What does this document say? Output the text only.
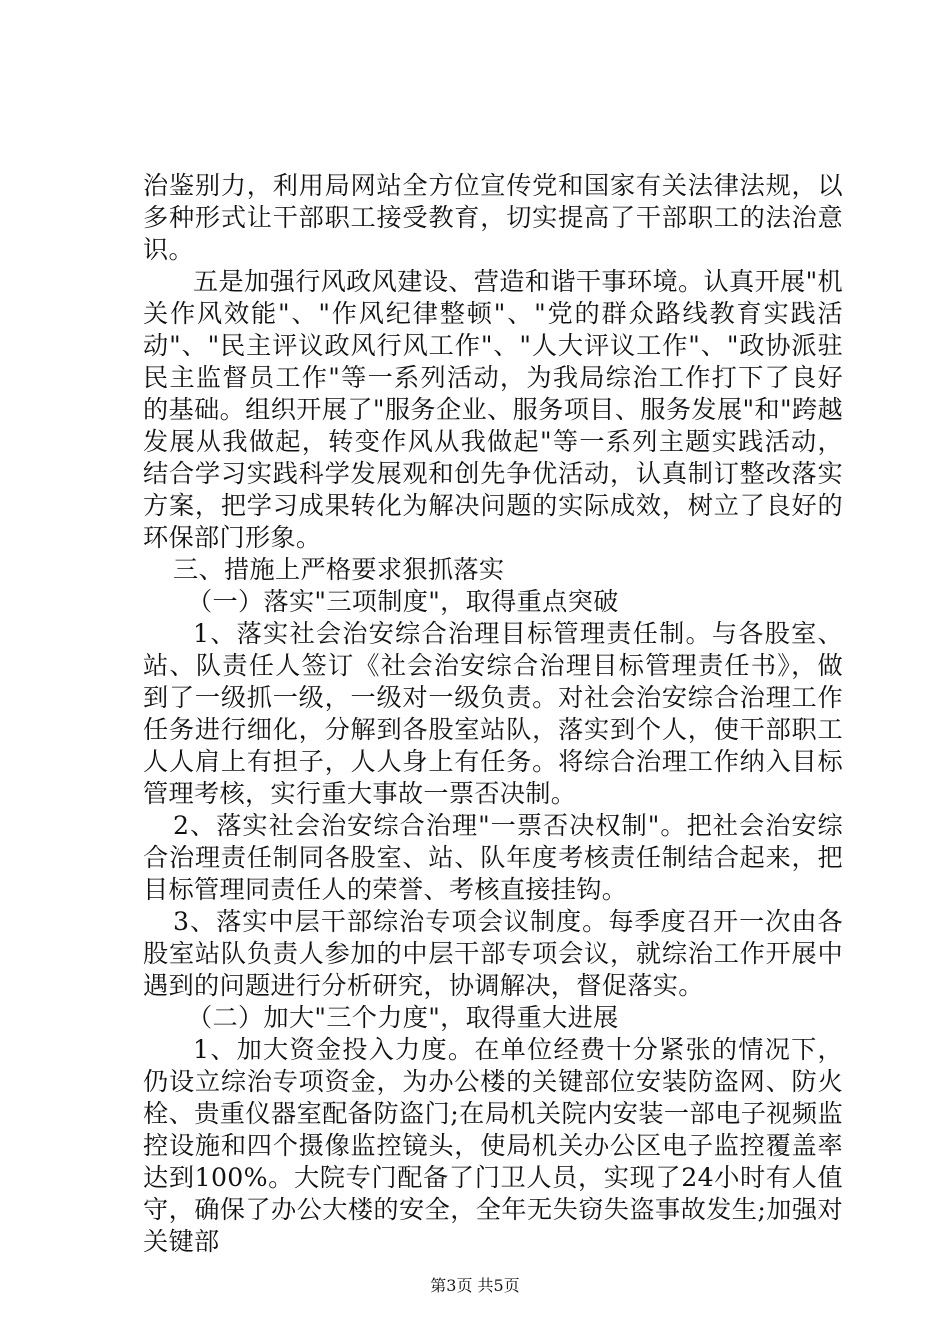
治鉴别力，利用局网站全方位宣传党和国家有关法律法规，以多种形式让干部职工接受教育，切实提高了干部职工的法治意识。

五是加强行风政风建设、营造和谐干事环境。认真开展"机关作风效能"、"作风纪律整顿"、"党的群众路线教育实践活动"、"民主评议政风行风工作"、"人大评议工作"、"政协派驻民主监督员工作"等一系列活动，为我局综治工作打下了良好的基础。组织开展了"服务企业、服务项目、服务发展"和"跨越发展从我做起，转变作风从我做起"等一系列主题实践活动，结合学习实践科学发展观和创先争优活动，认真制订整改落实方案，把学习成果转化为解决问题的实际成效，树立了良好的环保部门形象。

三、措施上严格要求狠抓落实

（一）落实"三项制度"，取得重点突破

1、落实社会治安综合治理目标管理责任制。与各股室、站、队责任人签订《社会治安综合治理目标管理责任书》，做到了一级抓一级，一级对一级负责。对社会治安综合治理工作任务进行细化，分解到各股室站队，落实到个人，使干部职工人人肩上有担子，人人身上有任务。将综合治理工作纳入目标管理考核，实行重大事故一票否决制。

2、落实社会治安综合治理"一票否决权制"。把社会治安综合治理责任制同各股室、站、队年度考核责任制结合起来，把目标管理同责任人的荣誉、考核直接挂钩。

3、落实中层干部综治专项会议制度。每季度召开一次由各股室站队负责人参加的中层干部专项会议，就综治工作开展中遇到的问题进行分析研究，协调解决，督促落实。

（二）加大"三个力度"，取得重大进展

1、加大资金投入力度。在单位经费十分紧张的情况下，仍设立综治专项资金，为办公楼的关键部位安装防盗网、防火栓、贵重仪器室配备防盗门;在局机关院内安装一部电子视频监控设施和四个摄像监控镜头，使局机关办公区电子监控覆盖率达到100%。大院专门配备了门卫人员，实现了24小时有人值守，确保了办公大楼的安全，全年无失窃失盗事故发生;加强对关键部

第3页 共5页
